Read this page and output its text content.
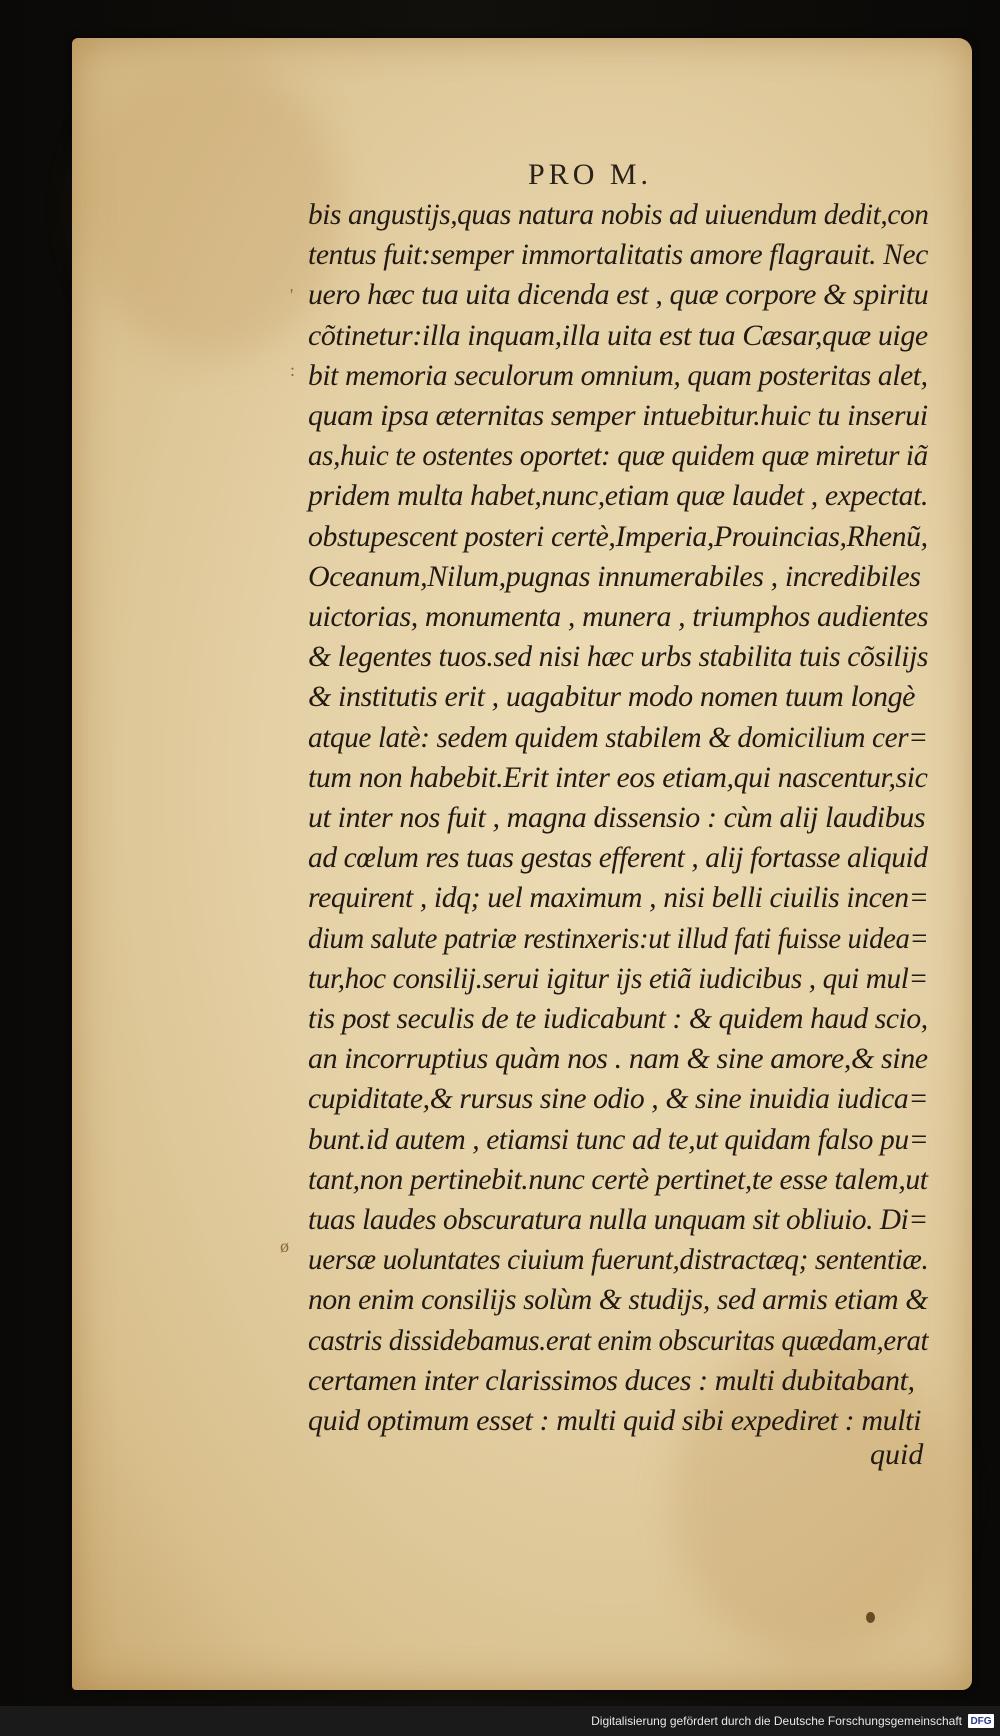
PRO M.
bis angustijs,quas natura nobis ad uiuendum dedit,con
tentus fuit:semper immortalitatis amore flagrauit. Nec
uero hæc tua uita dicenda est , quæ corpore & spiritu
cõtinetur:illa inquam,illa uita est tua Cæsar,quæ uige
bit memoria seculorum omnium, quam posteritas alet,
quam ipsa æternitas semper intuebitur.huic tu inserui
as,huic te ostentes oportet: quæ quidem quæ miretur iã
pridem multa habet,nunc,etiam quæ laudet , expectat.
obstupescent posteri certè,Imperia,Prouincias,Rhenũ,
Oceanum,Nilum,pugnas innumerabiles , incredibiles
uictorias, monumenta , munera , triumphos audientes
& legentes tuos.sed nisi hæc urbs stabilita tuis cõsilijs
& institutis erit , uagabitur modo nomen tuum longè
atque latè: sedem quidem stabilem & domicilium cer=
tum non habebit.Erit inter eos etiam,qui nascentur,sic
ut inter nos fuit , magna dissensio : cùm alij laudibus
ad cœlum res tuas gestas efferent , alij fortasse aliquid
requirent , idq; uel maximum , nisi belli ciuilis incen=
dium salute patriæ restinxeris:ut illud fati fuisse uidea=
tur,hoc consilij.serui igitur ijs etiã iudicibus , qui mul=
tis post seculis de te iudicabunt : & quidem haud scio,
an incorruptius quàm nos . nam & sine amore,& sine
cupiditate,& rursus sine odio , & sine inuidia iudica=
bunt.id autem , etiamsi tunc ad te,ut quidam falso pu=
tant,non pertinebit.nunc certè pertinet,te esse talem,ut
tuas laudes obscuratura nulla unquam sit obliuio. Di=
uersæ uoluntates ciuium fuerunt,distractæq; sententiæ.
non enim consilijs solùm & studijs, sed armis etiam &
castris dissidebamus.erat enim obscuritas quædam,erat
certamen inter clarissimos duces : multi dubitabant,
quid optimum esset : multi quid sibi expediret : multi
quid
'
:
ø
Digitalisierung gefördert durch die Deutsche Forschungsgemeinschaft DFG
